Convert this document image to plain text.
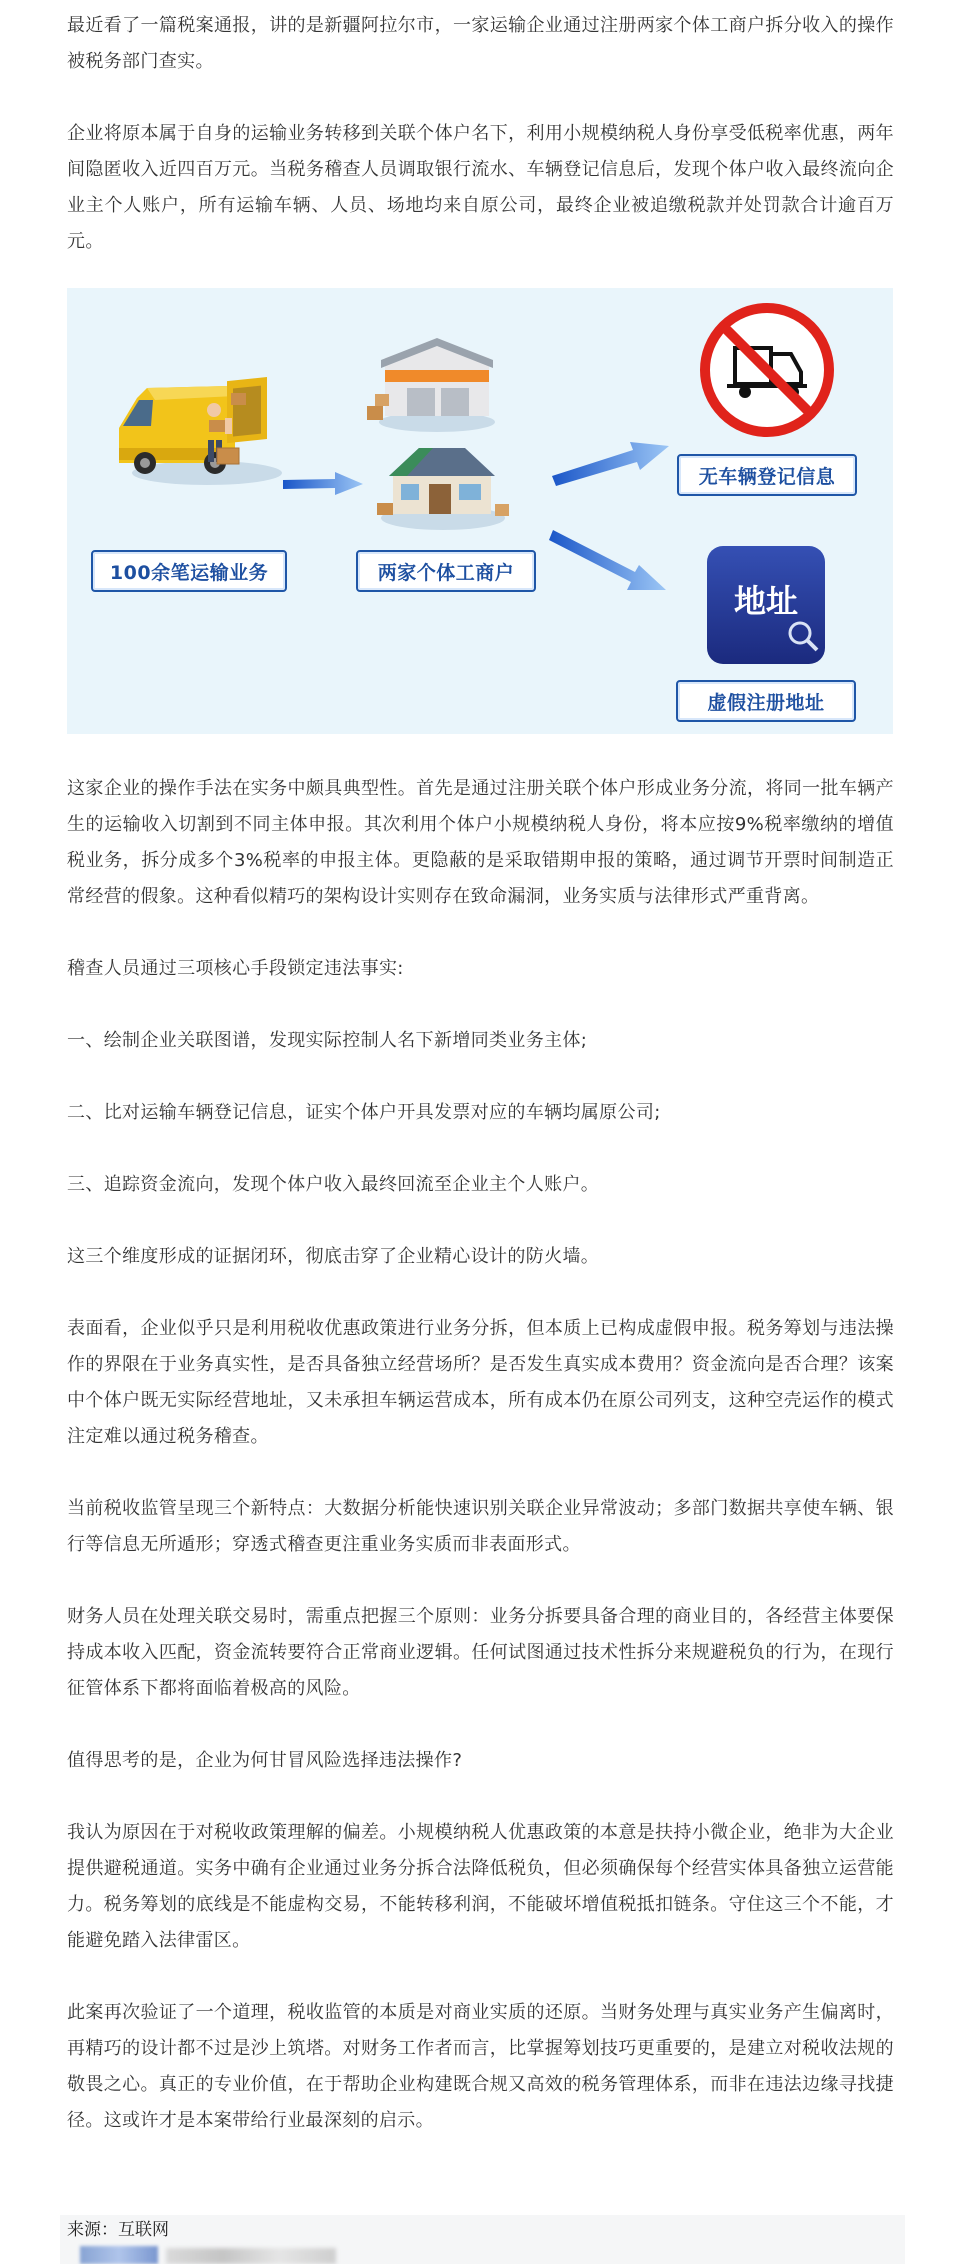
最近看了一篇税案通报，讲的是新疆阿拉尔市，一家运输企业通过注册两家个体工商户拆分收入的操作被税务部门查实。

企业将原本属于自身的运输业务转移到关联个体户名下，利用小规模纳税人身份享受低税率优惠，两年间隐匿收入近四百万元。当税务稽查人员调取银行流水、车辆登记信息后，发现个体户收入最终流向企业主个人账户，所有运输车辆、人员、场地均来自原公司，最终企业被追缴税款并处罚款合计逾百万元。

地址
100余笔运输业务	两家个体工商户
无车辆登记信息
虚假注册地址

这家企业的操作手法在实务中颇具典型性。首先是通过注册关联个体户形成业务分流，将同一批车辆产生的运输收入切割到不同主体申报。其次利用个体户小规模纳税人身份，将本应按9%税率缴纳的增值税业务，拆分成多个3%税率的申报主体。更隐蔽的是采取错期申报的策略，通过调节开票时间制造正常经营的假象。这种看似精巧的架构设计实则存在致命漏洞，业务实质与法律形式严重背离。

稽查人员通过三项核心手段锁定违法事实:

一、绘制企业关联图谱，发现实际控制人名下新增同类业务主体;

二、比对运输车辆登记信息，证实个体户开具发票对应的车辆均属原公司;

三、追踪资金流向，发现个体户收入最终回流至企业主个人账户。

这三个维度形成的证据闭环，彻底击穿了企业精心设计的防火墙。

表面看，企业似乎只是利用税收优惠政策进行业务分拆，但本质上已构成虚假申报。税务筹划与违法操作的界限在于业务真实性，是否具备独立经营场所？是否发生真实成本费用？资金流向是否合理？该案中个体户既无实际经营地址，又未承担车辆运营成本，所有成本仍在原公司列支，这种空壳运作的模式注定难以通过税务稽查。

当前税收监管呈现三个新特点：大数据分析能快速识别关联企业异常波动；多部门数据共享使车辆、银行等信息无所遁形；穿透式稽查更注重业务实质而非表面形式。

财务人员在处理关联交易时，需重点把握三个原则：业务分拆要具备合理的商业目的，各经营主体要保持成本收入匹配，资金流转要符合正常商业逻辑。任何试图通过技术性拆分来规避税负的行为，在现行征管体系下都将面临着极高的风险。

值得思考的是，企业为何甘冒风险选择违法操作?

我认为原因在于对税收政策理解的偏差。小规模纳税人优惠政策的本意是扶持小微企业，绝非为大企业提供避税通道。实务中确有企业通过业务分拆合法降低税负，但必须确保每个经营实体具备独立运营能力。税务筹划的底线是不能虚构交易，不能转移利润，不能破坏增值税抵扣链条。守住这三个不能，才能避免踏入法律雷区。

此案再次验证了一个道理，税收监管的本质是对商业实质的还原。当财务处理与真实业务产生偏离时，再精巧的设计都不过是沙上筑塔。对财务工作者而言，比掌握筹划技巧更重要的，是建立对税收法规的敬畏之心。真正的专业价值，在于帮助企业构建既合规又高效的税务管理体系，而非在违法边缘寻找捷径。这或许才是本案带给行业最深刻的启示。

来源：互联网
